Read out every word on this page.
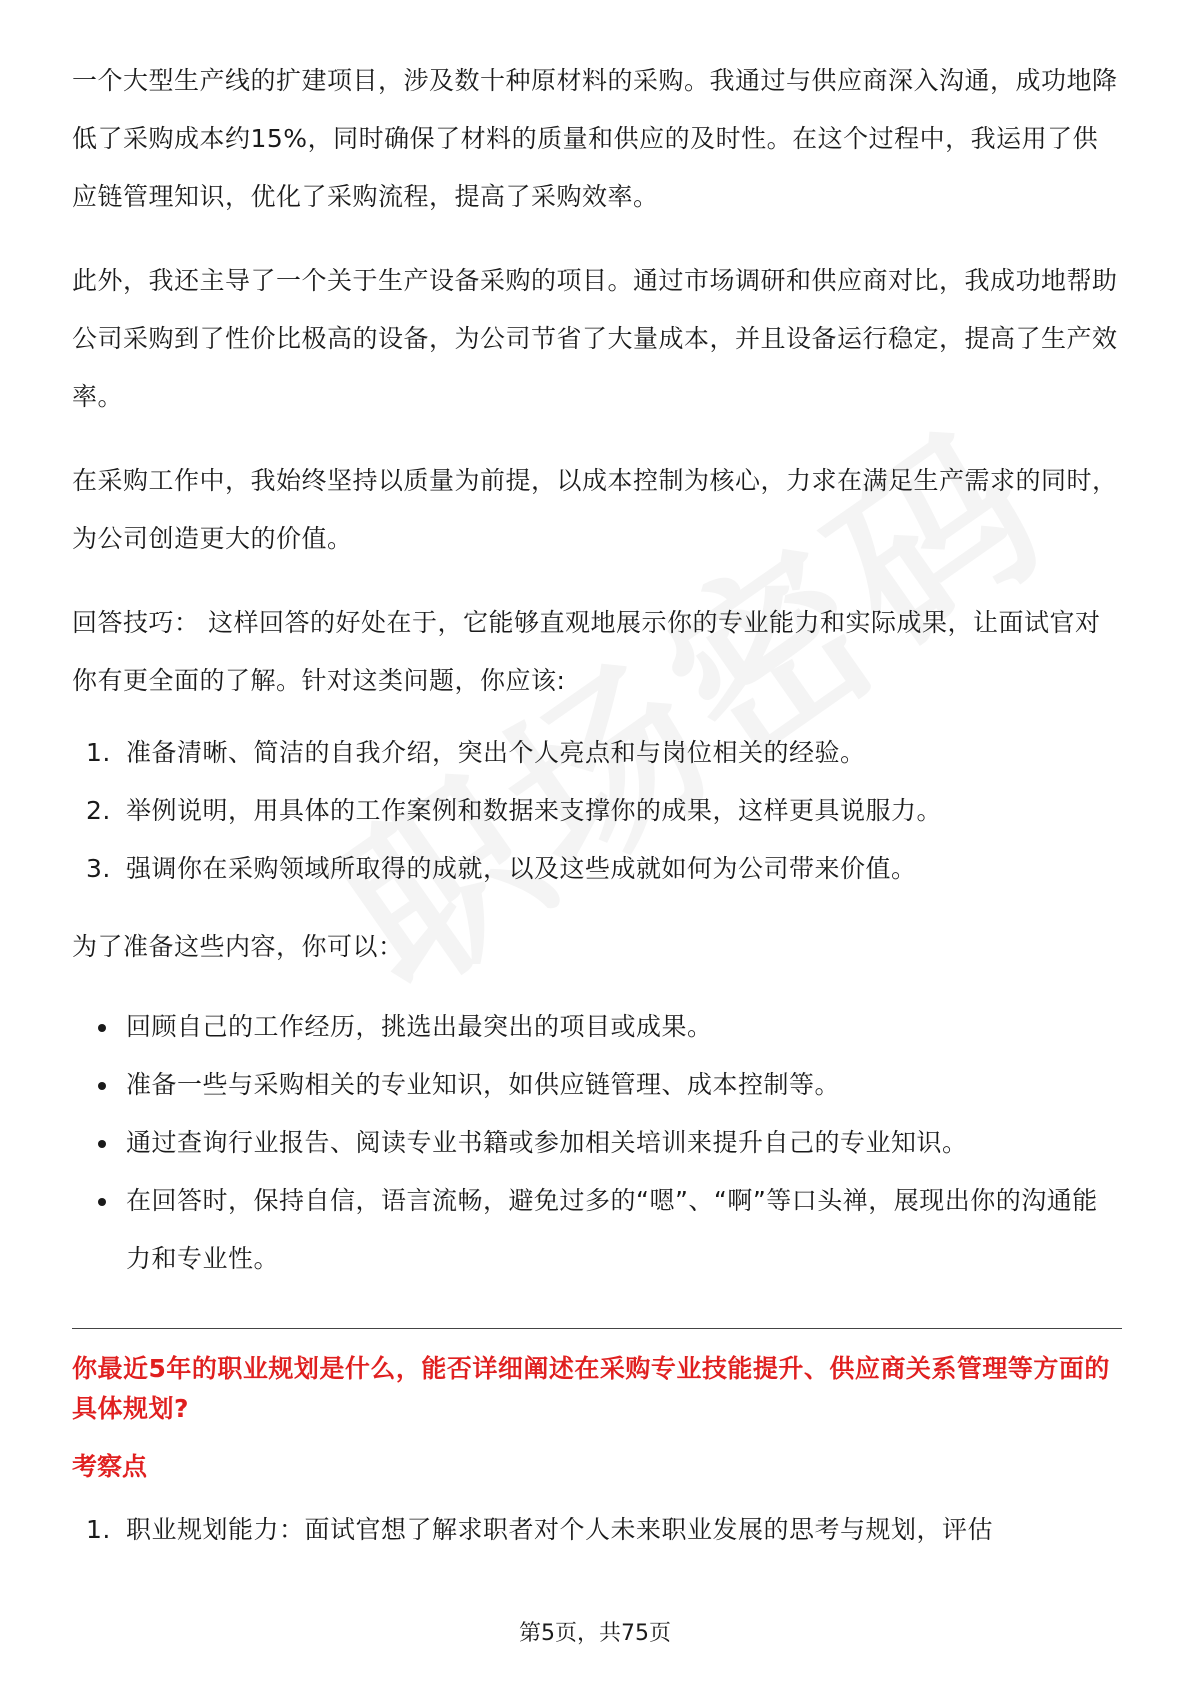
一个大型生产线的扩建项目，涉及数十种原材料的采购。我通过与供应商深入沟通，成功地降低了采购成本约15%，同时确保了材料的质量和供应的及时性。在这个过程中，我运用了供应链管理知识，优化了采购流程，提高了采购效率。

此外，我还主导了一个关于生产设备采购的项目。通过市场调研和供应商对比，我成功地帮助公司采购到了性价比极高的设备，为公司节省了大量成本，并且设备运行稳定，提高了生产效率。

在采购工作中，我始终坚持以质量为前提，以成本控制为核心，力求在满足生产需求的同时，为公司创造更大的价值。

回答技巧： 这样回答的好处在于，它能够直观地展示你的专业能力和实际成果，让面试官对你有更全面的了解。针对这类问题，你应该:

1. 准备清晰、简洁的自我介绍，突出个人亮点和与岗位相关的经验。
2. 举例说明，用具体的工作案例和数据来支撑你的成果，这样更具说服力。
3. 强调你在采购领域所取得的成就，以及这些成就如何为公司带来价值。

为了准备这些内容，你可以：

回顾自己的工作经历，挑选出最突出的项目或成果。
准备一些与采购相关的专业知识，如供应链管理、成本控制等。
通过查询行业报告、阅读专业书籍或参加相关培训来提升自己的专业知识。
在回答时，保持自信，语言流畅，避免过多的“嗯”、“啊”等口头禅，展现出你的沟通能力和专业性。

你最近5年的职业规划是什么，能否详细阐述在采购专业技能提升、供应商关系管理等方面的具体规划?

考察点
1. 职业规划能力：面试官想了解求职者对个人未来职业发展的思考与规划，评估
第5页，共75页
